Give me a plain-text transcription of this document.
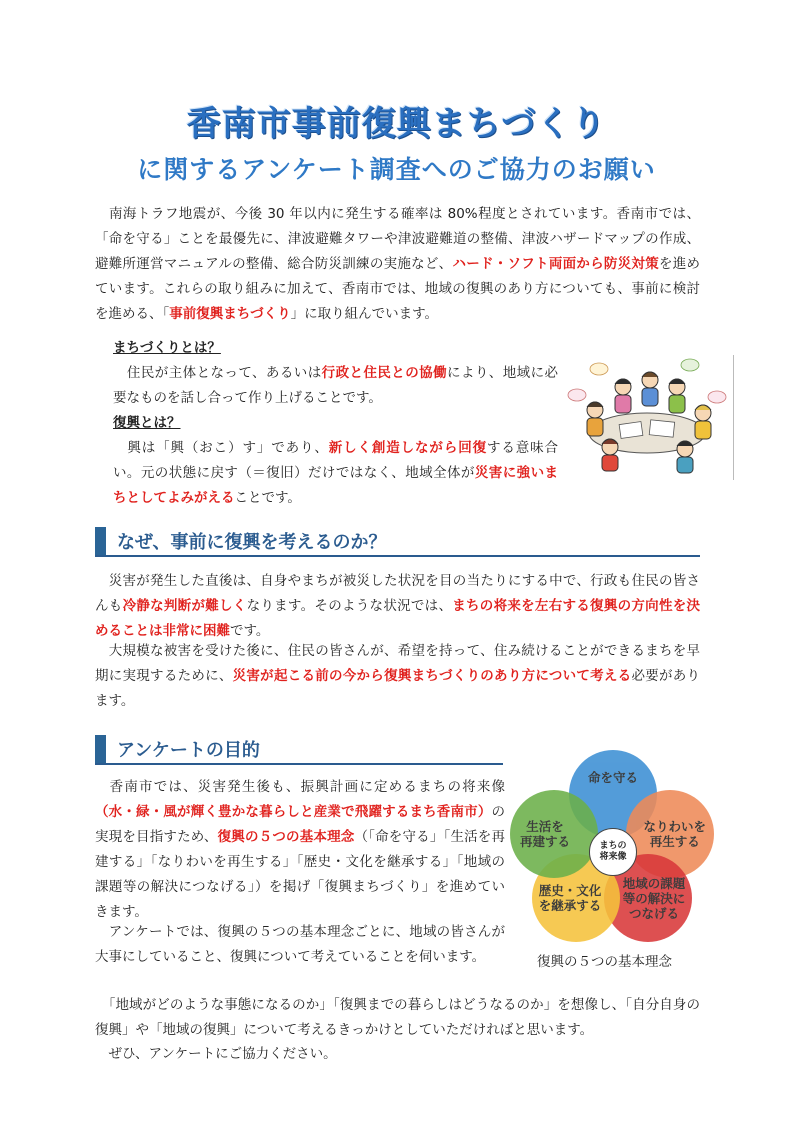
香南市事前復興まちづくり
に関するアンケート調査へのご協力のお願い
　南海トラフ地震が、今後 30 年以内に発生する確率は 80%程度とされています。香南市では、「命を守る」ことを最優先に、津波避難タワーや津波避難道の整備、津波ハザードマップの作成、避難所運営マニュアルの整備、総合防災訓練の実施など、ハード・ソフト両面から防災対策を進めています。これらの取り組みに加えて、香南市では、地域の復興のあり方についても、事前に検討を進める、「事前復興まちづくり」に取り組んでいます。
まちづくりとは？
　住民が主体となって、あるいは行政と住民との協働により、地域に必要なものを話し合って作り上げることです。
復興とは？
　興は「興（おこ）す」であり、新しく創造しながら回復する意味合い。元の状態に戻す（＝復旧）だけではなく、地域全体が災害に強いまちとしてよみがえることです。
なぜ、事前に復興を考えるのか？
　災害が発生した直後は、自身やまちが被災した状況を目の当たりにする中で、行政も住民の皆さんも冷静な判断が難しくなります。そのような状況では、まちの将来を左右する復興の方向性を決めることは非常に困難です。
　大規模な被害を受けた後に、住民の皆さんが、希望を持って、住み続けることができるまちを早期に実現するために、災害が起こる前の今から復興まちづくりのあり方について考える必要があります。
アンケートの目的
　香南市では、災害発生後も、振興計画に定めるまちの将来像（水・緑・風が輝く豊かな暮らしと産業で飛躍するまち香南市）の実現を目指すため、復興の５つの基本理念（「命を守る」「生活を再建する」「なりわいを再生する」「歴史・文化を継承する」「地域の課題等の解決につなげる」）を掲げ「復興まちづくり」を進めていきます。
　アンケートでは、復興の５つの基本理念ごとに、地域の皆さんが大事にしていること、復興について考えていることを伺います。
　「地域がどのような事態になるのか」「復興までの暮らしはどうなるのか」を想像し、「自分自身の復興」や「地域の復興」について考えるきっかけとしていただければと思います。
　ぜひ、アンケートにご協力ください。
命を守る
なりわいを
再生する
地域の課題
等の解決に
つなげる
歴史・文化
を継承する
生活を
再建する	まちの
将来像
復興の５つの基本理念
